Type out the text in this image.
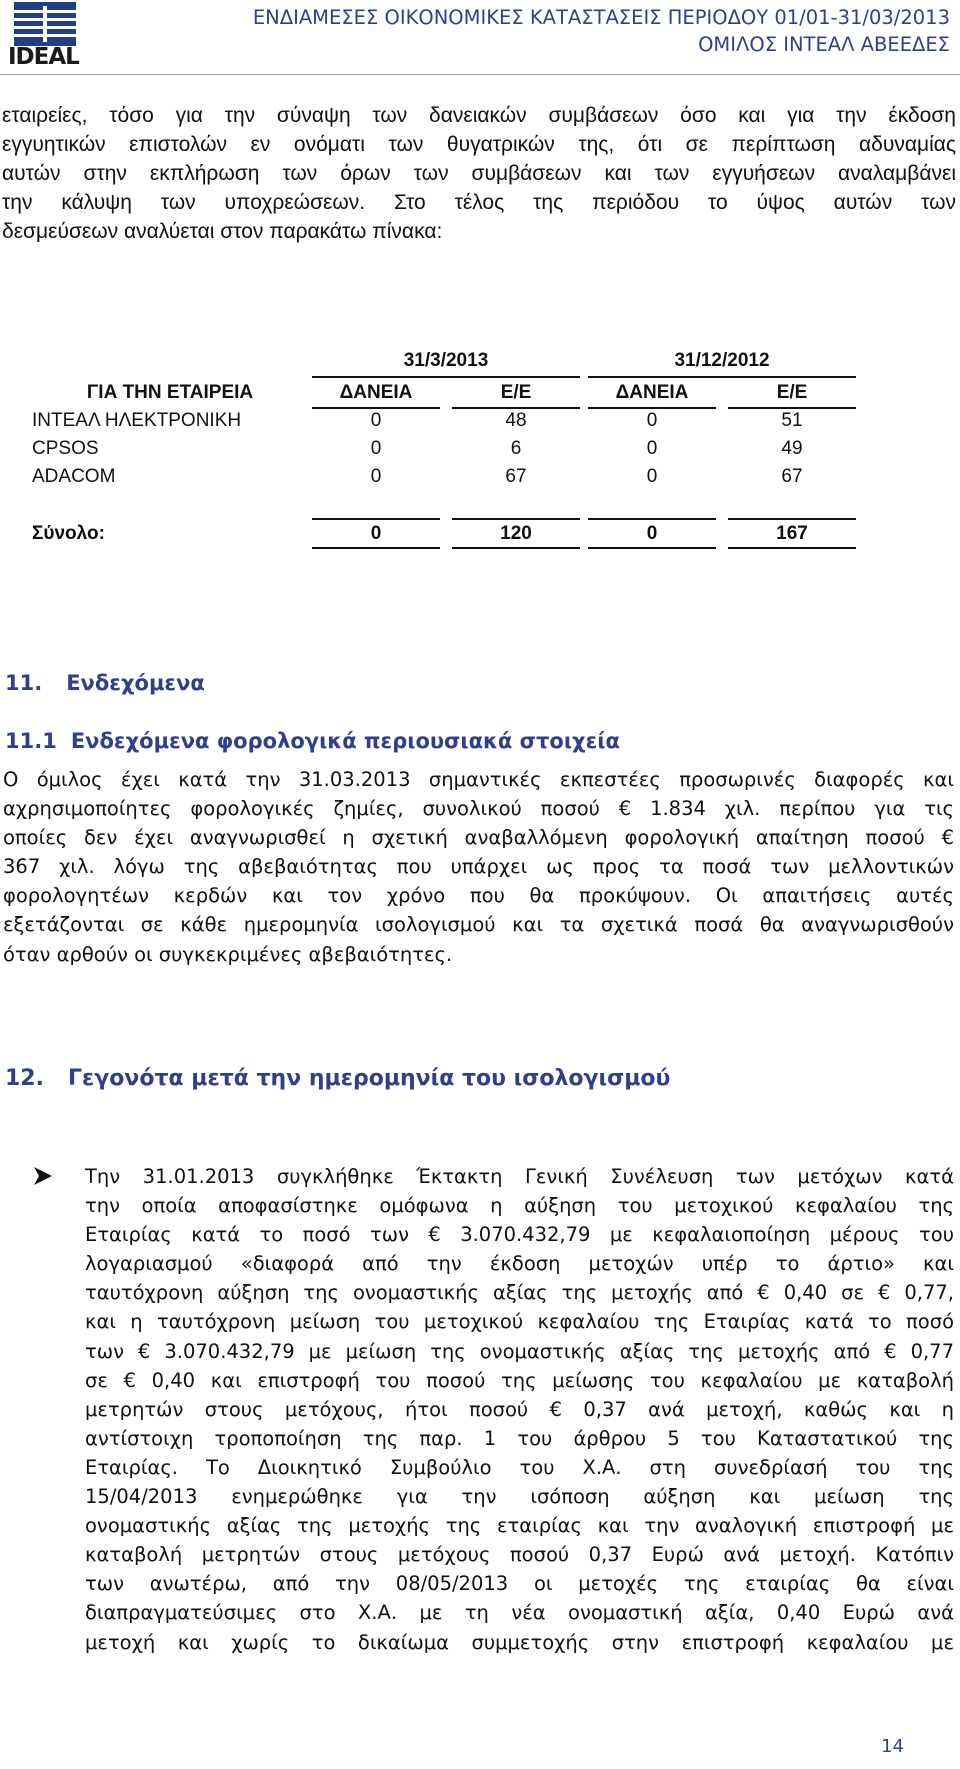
IDEAL
ΕΝΔΙΑΜΕΣΕΣ ΟΙΚΟΝΟΜΙΚΕΣ ΚΑΤΑΣΤΑΣΕΙΣ ΠΕΡΙΟΔΟΥ 01/01-31/03/2013
ΟΜΙΛΟΣ ΙΝΤΕΑΛ ΑΒΕΕΔΕΣ
εταιρείες, τόσο για την σύναψη των δανειακών συμβάσεων όσο και για την έκδοση
εγγυητικών επιστολών εν ονόματι των θυγατρικών της, ότι σε περίπτωση αδυναμίας
αυτών στην εκπλήρωση των όρων των συμβάσεων και των εγγυήσεων αναλαμβάνει
την κάλυψη των υποχρεώσεων. Στο τέλος της περιόδου το ύψος αυτών των
δεσμεύσεων αναλύεται στον παρακάτω πίνακα:
31/3/2013	31/12/2012
ΓΙΑ ΤΗΝ ΕΤΑΙΡΕΙΑ	ΔΑΝΕΙΑ	Ε/Ε	ΔΑΝΕΙΑ	Ε/Ε
ΙΝΤΕΑΛ ΗΛΕΚΤΡΟΝΙΚΗ	0	48	0	51
CPSOS	0	6	0	49
ADACOM	0	67	0	67
Σύνολο:	0	120	0	167
11. Ενδεχόμενα
11.1 Ενδεχόμενα φορολογικά περιουσιακά στοιχεία
Ο όμιλος έχει κατά την 31.03.2013 σημαντικές εκπεστέες προσωρινές διαφορές και
αχρησιμοποίητες φορολογικές ζημίες, συνολικού ποσού € 1.834 χιλ. περίπου για τις
οποίες δεν έχει αναγνωρισθεί η σχετική αναβαλλόμενη φορολογική απαίτηση ποσού €
367 χιλ. λόγω της αβεβαιότητας που υπάρχει ως προς τα ποσά των μελλοντικών
φορολογητέων κερδών και τον χρόνο που θα προκύψουν. Οι απαιτήσεις αυτές
εξετάζονται σε κάθε ημερομηνία ισολογισμού και τα σχετικά ποσά θα αναγνωρισθούν
όταν αρθούν οι συγκεκριμένες αβεβαιότητες.
12. Γεγονότα μετά την ημερομηνία του ισολογισμού
Την 31.01.2013 συγκλήθηκε Έκτακτη Γενική Συνέλευση των μετόχων κατά
την οποία αποφασίστηκε ομόφωνα η αύξηση του μετοχικού κεφαλαίου της
Εταιρίας κατά το ποσό των € 3.070.432,79 με κεφαλαιοποίηση μέρους του
λογαριασμού «διαφορά από την έκδοση μετοχών υπέρ το άρτιο» και
ταυτόχρονη αύξηση της ονομαστικής αξίας της μετοχής από € 0,40 σε € 0,77,
και η ταυτόχρονη μείωση του μετοχικού κεφαλαίου της Εταιρίας κατά το ποσό
των € 3.070.432,79 με μείωση της ονομαστικής αξίας της μετοχής από € 0,77
σε € 0,40 και επιστροφή του ποσού της μείωσης του κεφαλαίου με καταβολή
μετρητών στους μετόχους, ήτοι ποσού € 0,37 ανά μετοχή, καθώς και η
αντίστοιχη τροποποίηση της παρ. 1 του άρθρου 5 του Καταστατικού της
Εταιρίας. Το Διοικητικό Συμβούλιο του Χ.Α. στη συνεδρίασή του της
15/04/2013 ενημερώθηκε για την ισόποση αύξηση και μείωση της
ονομαστικής αξίας της μετοχής της εταιρίας και την αναλογική επιστροφή με
καταβολή μετρητών στους μετόχους ποσού 0,37 Ευρώ ανά μετοχή. Κατόπιν
των ανωτέρω, από την 08/05/2013 οι μετοχές της εταιρίας θα είναι
διαπραγματεύσιμες στο Χ.Α. με τη νέα ονομαστική αξία, 0,40 Ευρώ ανά
μετοχή και χωρίς το δικαίωμα συμμετοχής στην επιστροφή κεφαλαίου με
14
